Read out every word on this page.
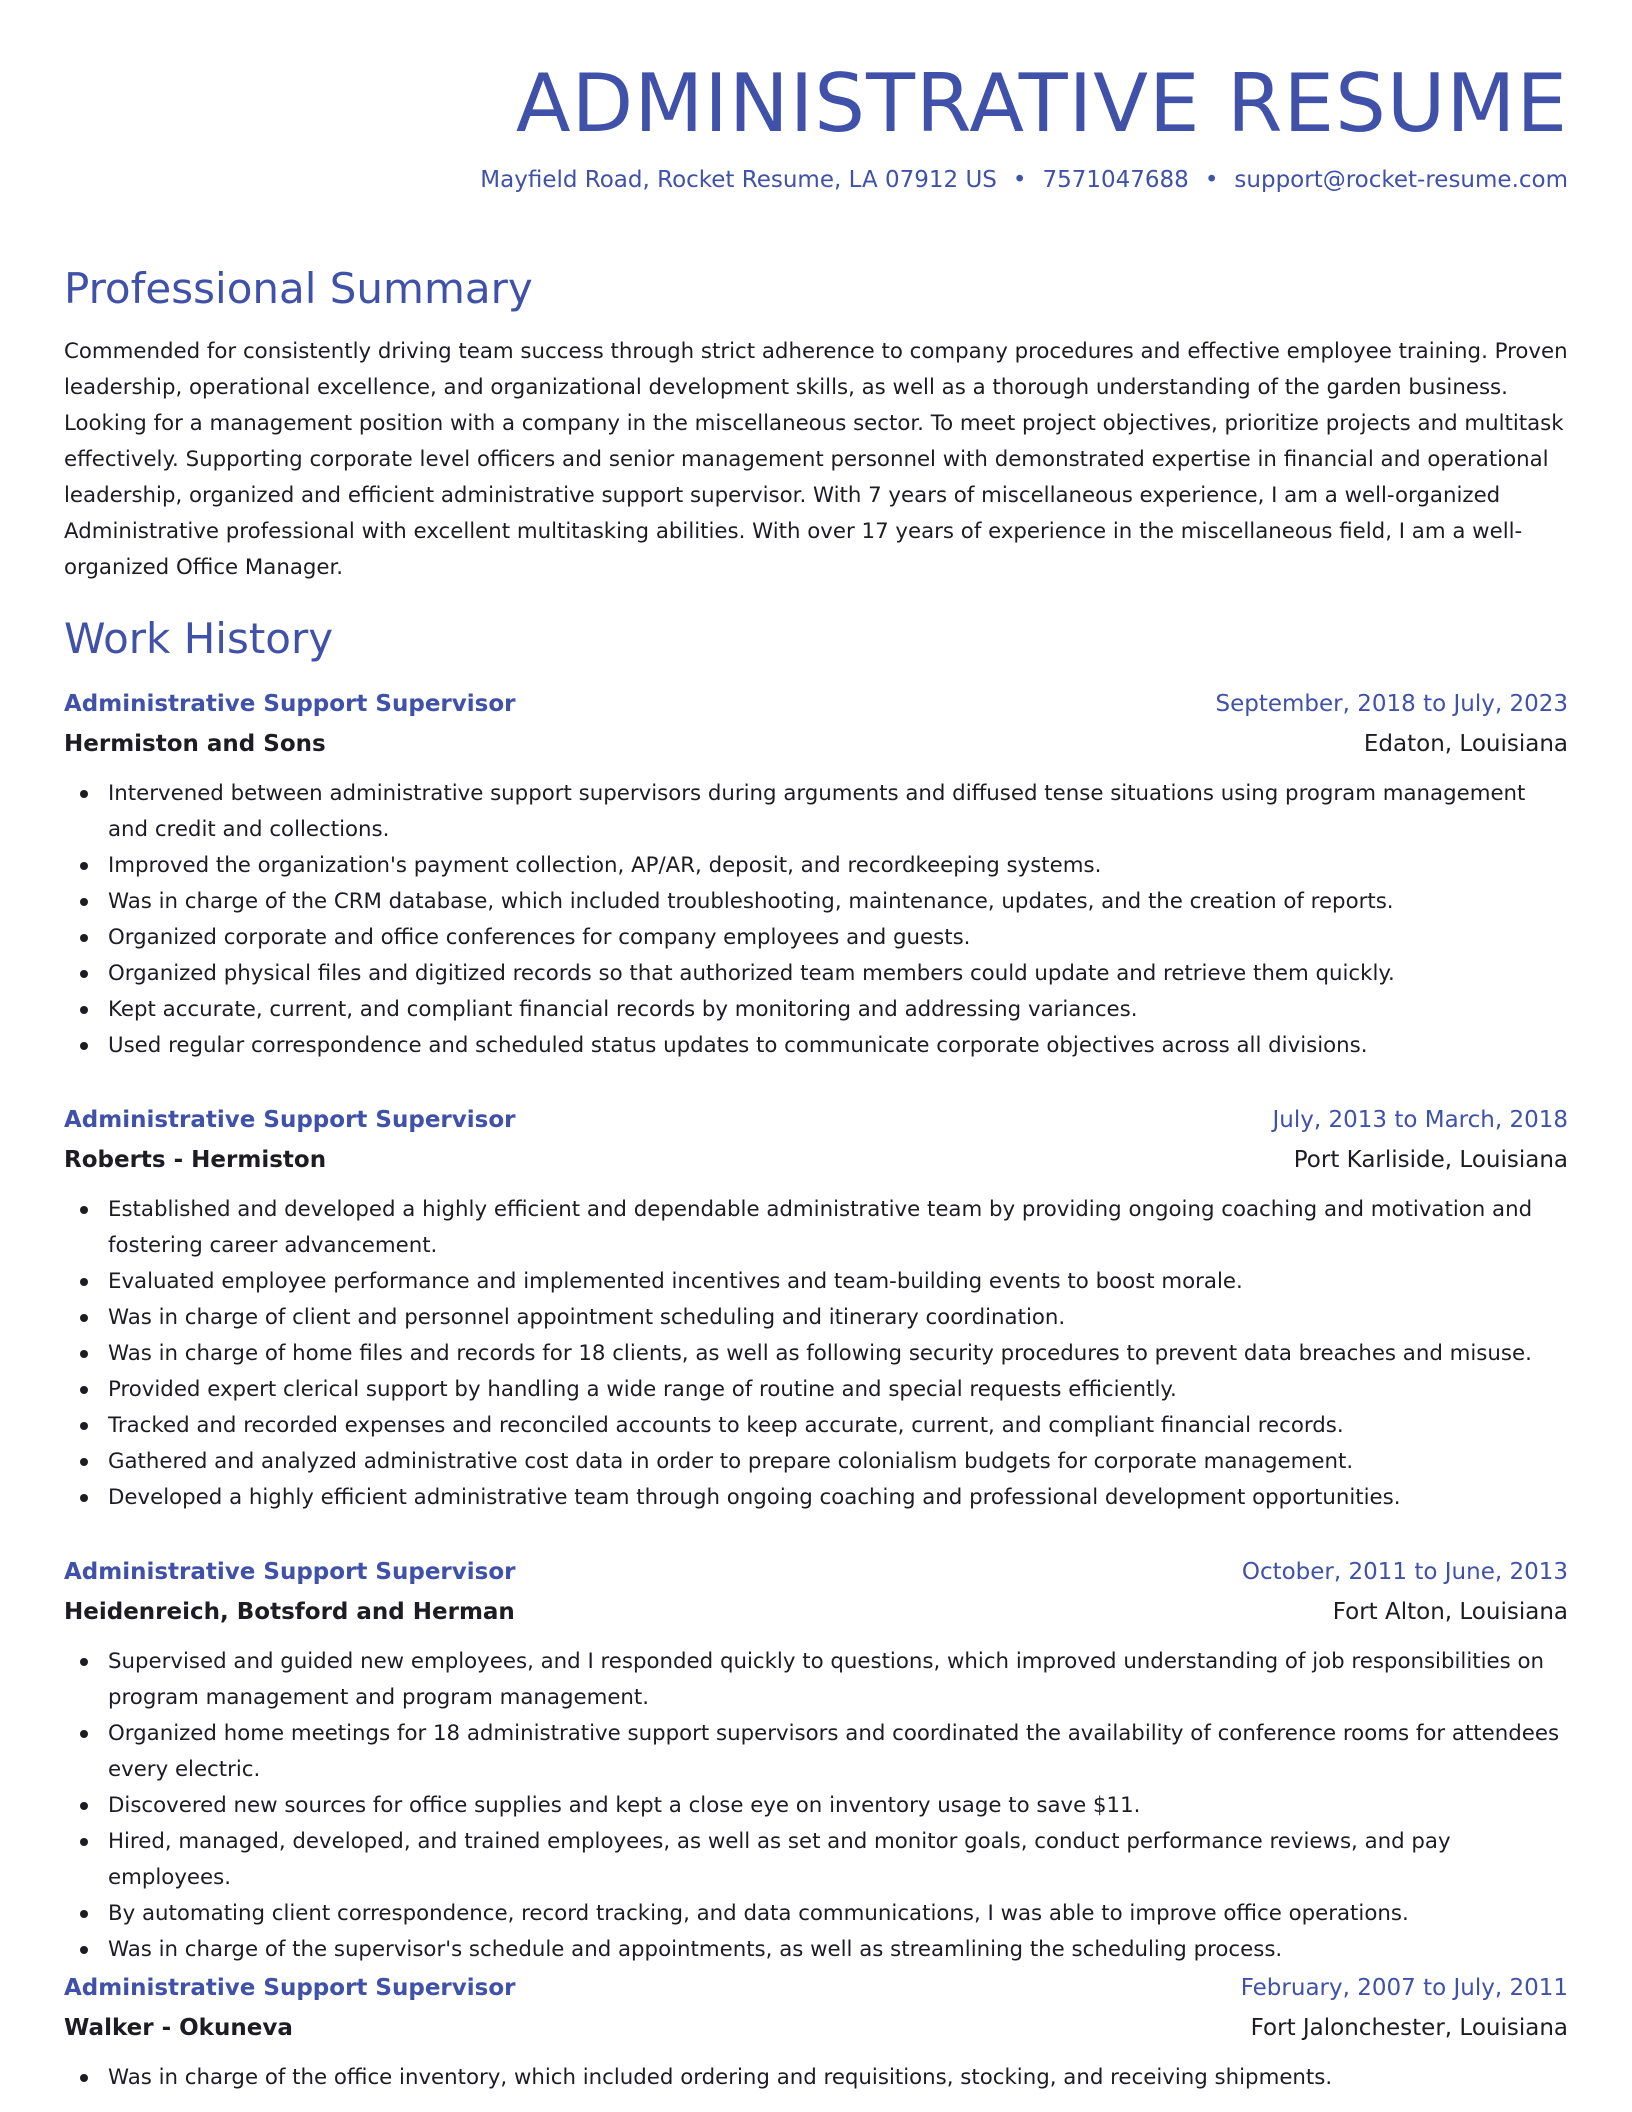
ADMINISTRATIVE RESUME

Mayfield Road, Rocket Resume, LA 07912 US • 7571047688 • support@rocket-resume.com

Professional Summary

Commended for consistently driving team success through strict adherence to company procedures and effective employee training. Proven leadership, operational excellence, and organizational development skills, as well as a thorough understanding of the garden business. Looking for a management position with a company in the miscellaneous sector. To meet project objectives, prioritize projects and multitask effectively. Supporting corporate level officers and senior management personnel with demonstrated expertise in financial and operational leadership, organized and efficient administrative support supervisor. With 7 years of miscellaneous experience, I am a well-organized Administrative professional with excellent multitasking abilities. With over 17 years of experience in the miscellaneous field, I am a well-organized Office Manager.

Work History
Administrative Support Supervisor	September, 2018 to July, 2023
Hermiston and Sons	Edaton, Louisiana
Intervened between administrative support supervisors during arguments and diffused tense situations using program management and credit and collections.
Improved the organization's payment collection, AP/AR, deposit, and recordkeeping systems.
Was in charge of the CRM database, which included troubleshooting, maintenance, updates, and the creation of reports.
Organized corporate and office conferences for company employees and guests.
Organized physical files and digitized records so that authorized team members could update and retrieve them quickly.
Kept accurate, current, and compliant financial records by monitoring and addressing variances.
Used regular correspondence and scheduled status updates to communicate corporate objectives across all divisions.
Administrative Support Supervisor	July, 2013 to March, 2018
Roberts - Hermiston	Port Karliside, Louisiana
Established and developed a highly efficient and dependable administrative team by providing ongoing coaching and motivation and fostering career advancement.
Evaluated employee performance and implemented incentives and team-building events to boost morale.
Was in charge of client and personnel appointment scheduling and itinerary coordination.
Was in charge of home files and records for 18 clients, as well as following security procedures to prevent data breaches and misuse.
Provided expert clerical support by handling a wide range of routine and special requests efficiently.
Tracked and recorded expenses and reconciled accounts to keep accurate, current, and compliant financial records.
Gathered and analyzed administrative cost data in order to prepare colonialism budgets for corporate management.
Developed a highly efficient administrative team through ongoing coaching and professional development opportunities.
Administrative Support Supervisor	October, 2011 to June, 2013
Heidenreich, Botsford and Herman	Fort Alton, Louisiana
Supervised and guided new employees, and I responded quickly to questions, which improved understanding of job responsibilities on program management and program management.
Organized home meetings for 18 administrative support supervisors and coordinated the availability of conference rooms for attendees every electric.
Discovered new sources for office supplies and kept a close eye on inventory usage to save $11.
Hired, managed, developed, and trained employees, as well as set and monitor goals, conduct performance reviews, and pay employees.
By automating client correspondence, record tracking, and data communications, I was able to improve office operations.
Was in charge of the supervisor's schedule and appointments, as well as streamlining the scheduling process.
Administrative Support Supervisor	February, 2007 to July, 2011
Walker - Okuneva	Fort Jalonchester, Louisiana
Was in charge of the office inventory, which included ordering and requisitions, stocking, and receiving shipments.
